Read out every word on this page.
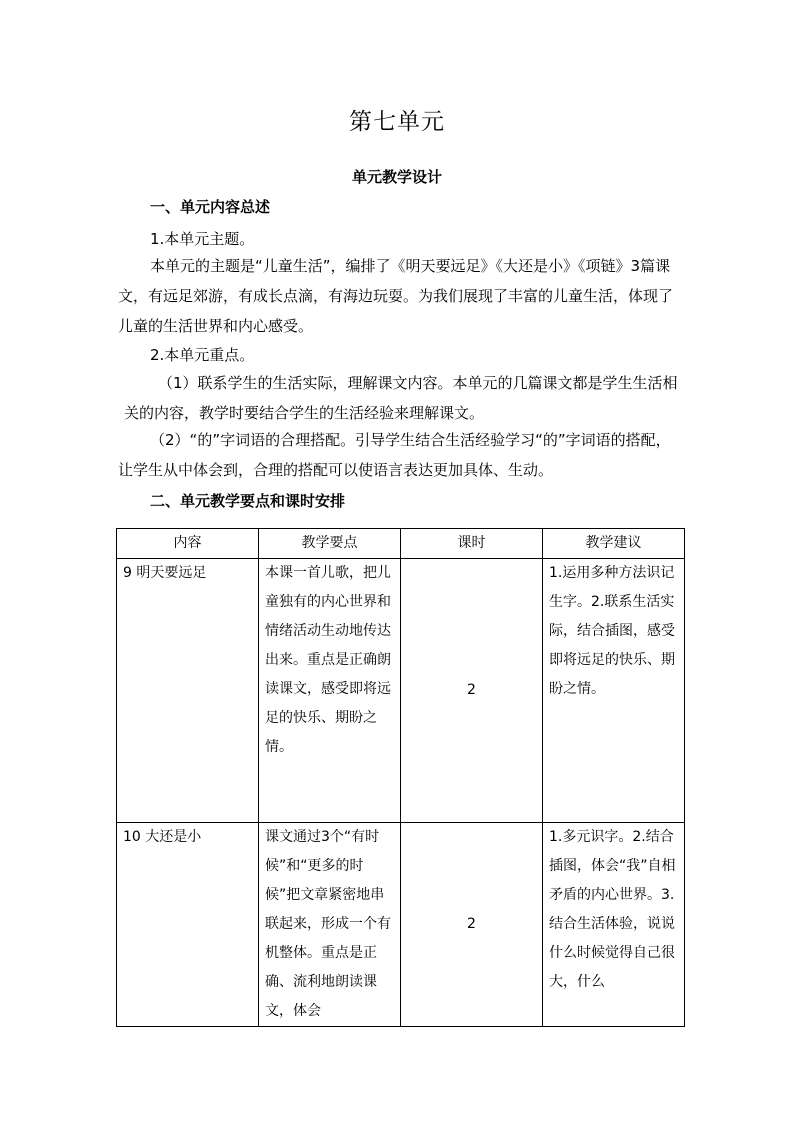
第七单元
单元教学设计
一、单元内容总述
1.本单元主题。
本单元的主题是“儿童生活”，编排了《明天要远足》《大还是小》《项链》3篇课文，有远足郊游，有成长点滴，有海边玩耍。为我们展现了丰富的儿童生活，体现了儿童的生活世界和内心感受。
2.本单元重点。
（1）联系学生的生活实际，理解课文内容。本单元的几篇课文都是学生生活相关的内容，教学时要结合学生的生活经验来理解课文。
（2）“的”字词语的合理搭配。引导学生结合生活经验学习“的”字词语的搭配，让学生从中体会到，合理的搭配可以使语言表达更加具体、生动。
二、单元教学要点和课时安排
内容	教学要点	课时	教学建议
9 明天要远足	本课一首儿歌，把儿童独有的内心世界和情绪活动生动地传达出来。重点是正确朗读课文，感受即将远足的快乐、期盼之情。	2	1.运用多种方法识记生字。2.联系生活实际，结合插图，感受即将远足的快乐、期盼之情。
10 大还是小	课文通过3个“有时候”和“更多的时候”把文章紧密地串联起来，形成一个有机整体。重点是正确、流利地朗读课文，体会	2	1.多元识字。2.结合插图，体会“我”自相矛盾的内心世界。3.结合生活体验，说说什么时候觉得自己很大，什么
